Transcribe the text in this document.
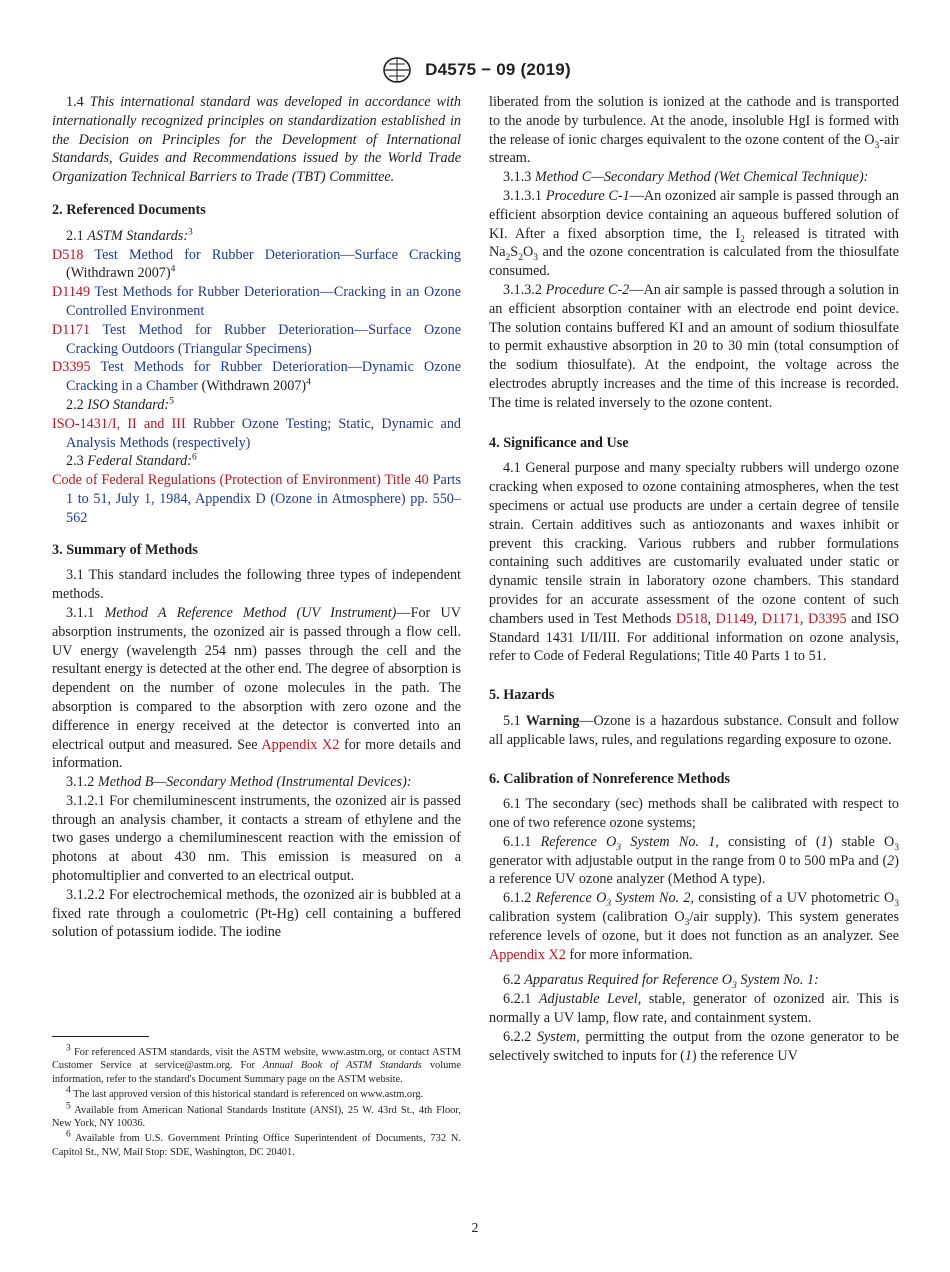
D4575 − 09 (2019)

1.4 This international standard was developed in accordance with internationally recognized principles on standardization established in the Decision on Principles for the Development of International Standards, Guides and Recommendations issued by the World Trade Organization Technical Barriers to Trade (TBT) Committee.

2. Referenced Documents

2.1 ASTM Standards:$^3$

D518 Test Method for Rubber Deterioration—Surface Cracking (Withdrawn 2007)$^4$

D1149 Test Methods for Rubber Deterioration—Cracking in an Ozone Controlled Environment

D1171 Test Method for Rubber Deterioration—Surface Ozone Cracking Outdoors (Triangular Specimens)

D3395 Test Methods for Rubber Deterioration—Dynamic Ozone Cracking in a Chamber (Withdrawn 2007)$^4$

2.2 ISO Standard:$^5$

ISO-1431/I, II and III Rubber Ozone Testing; Static, Dynamic and Analysis Methods (respectively)

2.3 Federal Standard:$^6$

Code of Federal Regulations (Protection of Environment) Title 40 Parts 1 to 51, July 1, 1984, Appendix D (Ozone in Atmosphere) pp. 550–562

3. Summary of Methods

3.1 This standard includes the following three types of independent methods.

3.1.1 Method A Reference Method (UV Instrument)—For UV absorption instruments, the ozonized air is passed through a flow cell. UV energy (wavelength 254 nm) passes through the cell and the resultant energy is detected at the other end. The degree of absorption is dependent on the number of ozone molecules in the path. The absorption is compared to the absorption with zero ozone and the difference in energy received at the detector is converted into an electrical output and measured. See Appendix X2 for more details and information.

3.1.2 Method B—Secondary Method (Instrumental Devices):

3.1.2.1 For chemiluminescent instruments, the ozonized air is passed through an analysis chamber, it contacts a stream of ethylene and the two gases undergo a chemiluminescent reaction with the emission of photons at about 430 nm. This emission is measured on a photomultiplier and converted to an electrical output.

3.1.2.2 For electrochemical methods, the ozonized air is bubbled at a fixed rate through a coulometric (Pt-Hg) cell containing a buffered solution of potassium iodide. The iodine

$^3$ For referenced ASTM standards, visit the ASTM website, www.astm.org, or contact ASTM Customer Service at service@astm.org. For Annual Book of ASTM Standards volume information, refer to the standard's Document Summary page on the ASTM website.

$^4$ The last approved version of this historical standard is referenced on www.astm.org.

$^5$ Available from American National Standards Institute (ANSI), 25 W. 43rd St., 4th Floor, New York, NY 10036.

$^6$ Available from U.S. Government Printing Office Superintendent of Documents, 732 N. Capitol St., NW, Mail Stop: SDE, Washington, DC 20401.

liberated from the solution is ionized at the cathode and is transported to the anode by turbulence. At the anode, insoluble HgI is formed with the release of ionic charges equivalent to the ozone content of the $O_3$-air stream.

3.1.3 Method C—Secondary Method (Wet Chemical Technique):

3.1.3.1 Procedure C-1—An ozonized air sample is passed through an efficient absorption device containing an aqueous buffered solution of KI. After a fixed absorption time, the $I_2$ released is titrated with $Na_2S_2O_3$ and the ozone concentration is calculated from the thiosulfate consumed.

3.1.3.2 Procedure C-2—An air sample is passed through a solution in an efficient absorption container with an electrode end point device. The solution contains buffered KI and an amount of sodium thiosulfate to permit exhaustive absorption in 20 to 30 min (total consumption of the sodium thiosulfate). At the endpoint, the voltage across the electrodes abruptly increases and the time of this increase is recorded. The time is related inversely to the ozone content.

4. Significance and Use

4.1 General purpose and many specialty rubbers will undergo ozone cracking when exposed to ozone containing atmospheres, when the test specimens or actual use products are under a certain degree of tensile strain. Certain additives such as antiozonants and waxes inhibit or prevent this cracking. Various rubbers and rubber formulations containing such additives are customarily evaluated under static or dynamic tensile strain in laboratory ozone chambers. This standard provides for an accurate assessment of the ozone content of such chambers used in Test Methods D518, D1149, D1171, D3395 and ISO Standard 1431 I/II/III. For additional information on ozone analysis, refer to Code of Federal Regulations; Title 40 Parts 1 to 51.

5. Hazards

5.1 Warning—Ozone is a hazardous substance. Consult and follow all applicable laws, rules, and regulations regarding exposure to ozone.

6. Calibration of Nonreference Methods

6.1 The secondary (sec) methods shall be calibrated with respect to one of two reference ozone systems;

6.1.1 Reference $O_3$ System No. 1, consisting of (1) stable $O_3$ generator with adjustable output in the range from 0 to 500 mPa and (2) a reference UV ozone analyzer (Method A type).

6.1.2 Reference $O_3$ System No. 2, consisting of a UV photometric $O_3$ calibration system (calibration $O_3$/air supply). This system generates reference levels of ozone, but it does not function as an analyzer. See Appendix X2 for more information.

6.2 Apparatus Required for Reference $O_3$ System No. 1:

6.2.1 Adjustable Level, stable, generator of ozonized air. This is normally a UV lamp, flow rate, and containment system.

6.2.2 System, permitting the output from the ozone generator to be selectively switched to inputs for (1) the reference UV

2
